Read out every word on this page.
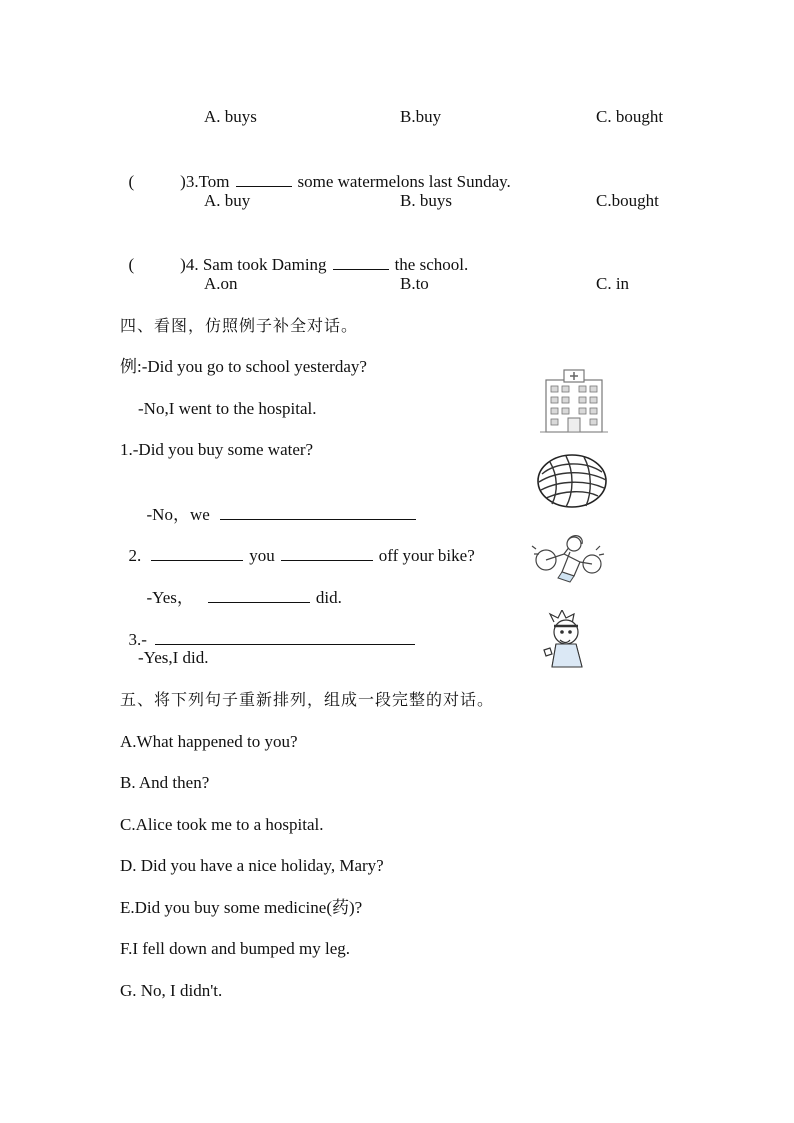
A. buys	B.buy	C. bought

(	)3.Tom	some watermelons last Sunday.

A. buy	B. buys	C.bought

(	)4. Sam took Daming	the school.

A.on	B.to	C. in
四、看图，仿照例子补全对话。
例:-Did you go to school yesterday?
-No,I went to the hospital.
1.-Did you buy some water?

-No，we

2.	you	off your bike?

-Yes，	did.

3.-

-Yes,I did.
五、将下列句子重新排列，组成一段完整的对话。
A.What happened to you?
B. And then?
C.Alice took me to a hospital.
D. Did you have a nice holiday, Mary?
E.Did you buy some medicine(药)?
F.I fell down and bumped my leg.
G. No, I didn't.
